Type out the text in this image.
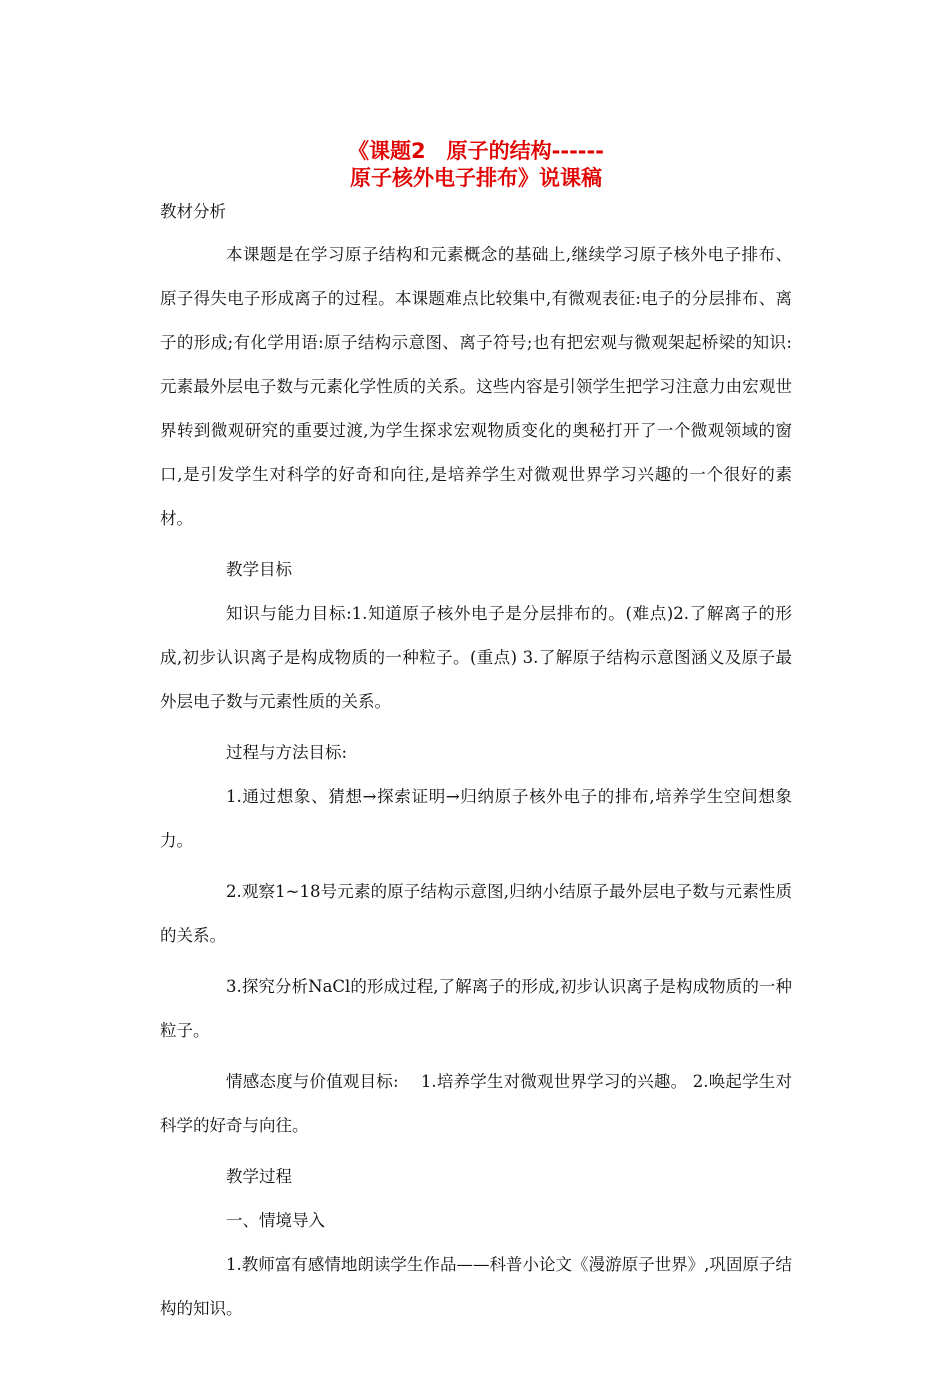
《课题2　原子的结构------
原子核外电子排布》说课稿
教材分析

本课题是在学习原子结构和元素概念的基础上,继续学习原子核外电子排布、原子得失电子形成离子的过程。本课题难点比较集中,有微观表征:电子的分层排布、离子的形成;有化学用语:原子结构示意图、离子符号;也有把宏观与微观架起桥梁的知识:元素最外层电子数与元素化学性质的关系。这些内容是引领学生把学习注意力由宏观世界转到微观研究的重要过渡,为学生探求宏观物质变化的奥秘打开了一个微观领域的窗口,是引发学生对科学的好奇和向往,是培养学生对微观世界学习兴趣的一个很好的素材。

教学目标

知识与能力目标:1.知道原子核外电子是分层排布的。(难点)2.了解离子的形成,初步认识离子是构成物质的一种粒子。(重点) 3.了解原子结构示意图涵义及原子最外层电子数与元素性质的关系。

过程与方法目标:

1.通过想象、猜想→探索证明→归纳原子核外电子的排布,培养学生空间想象力。

2.观察1~18号元素的原子结构示意图,归纳小结原子最外层电子数与元素性质的关系。

3.探究分析NaCl的形成过程,了解离子的形成,初步认识离子是构成物质的一种粒子。

情感态度与价值观目标:　 1.培养学生对微观世界学习的兴趣。 2.唤起学生对科学的好奇与向往。

教学过程

一、情境导入

1.教师富有感情地朗读学生作品——科普小论文《漫游原子世界》,巩固原子结构的知识。
